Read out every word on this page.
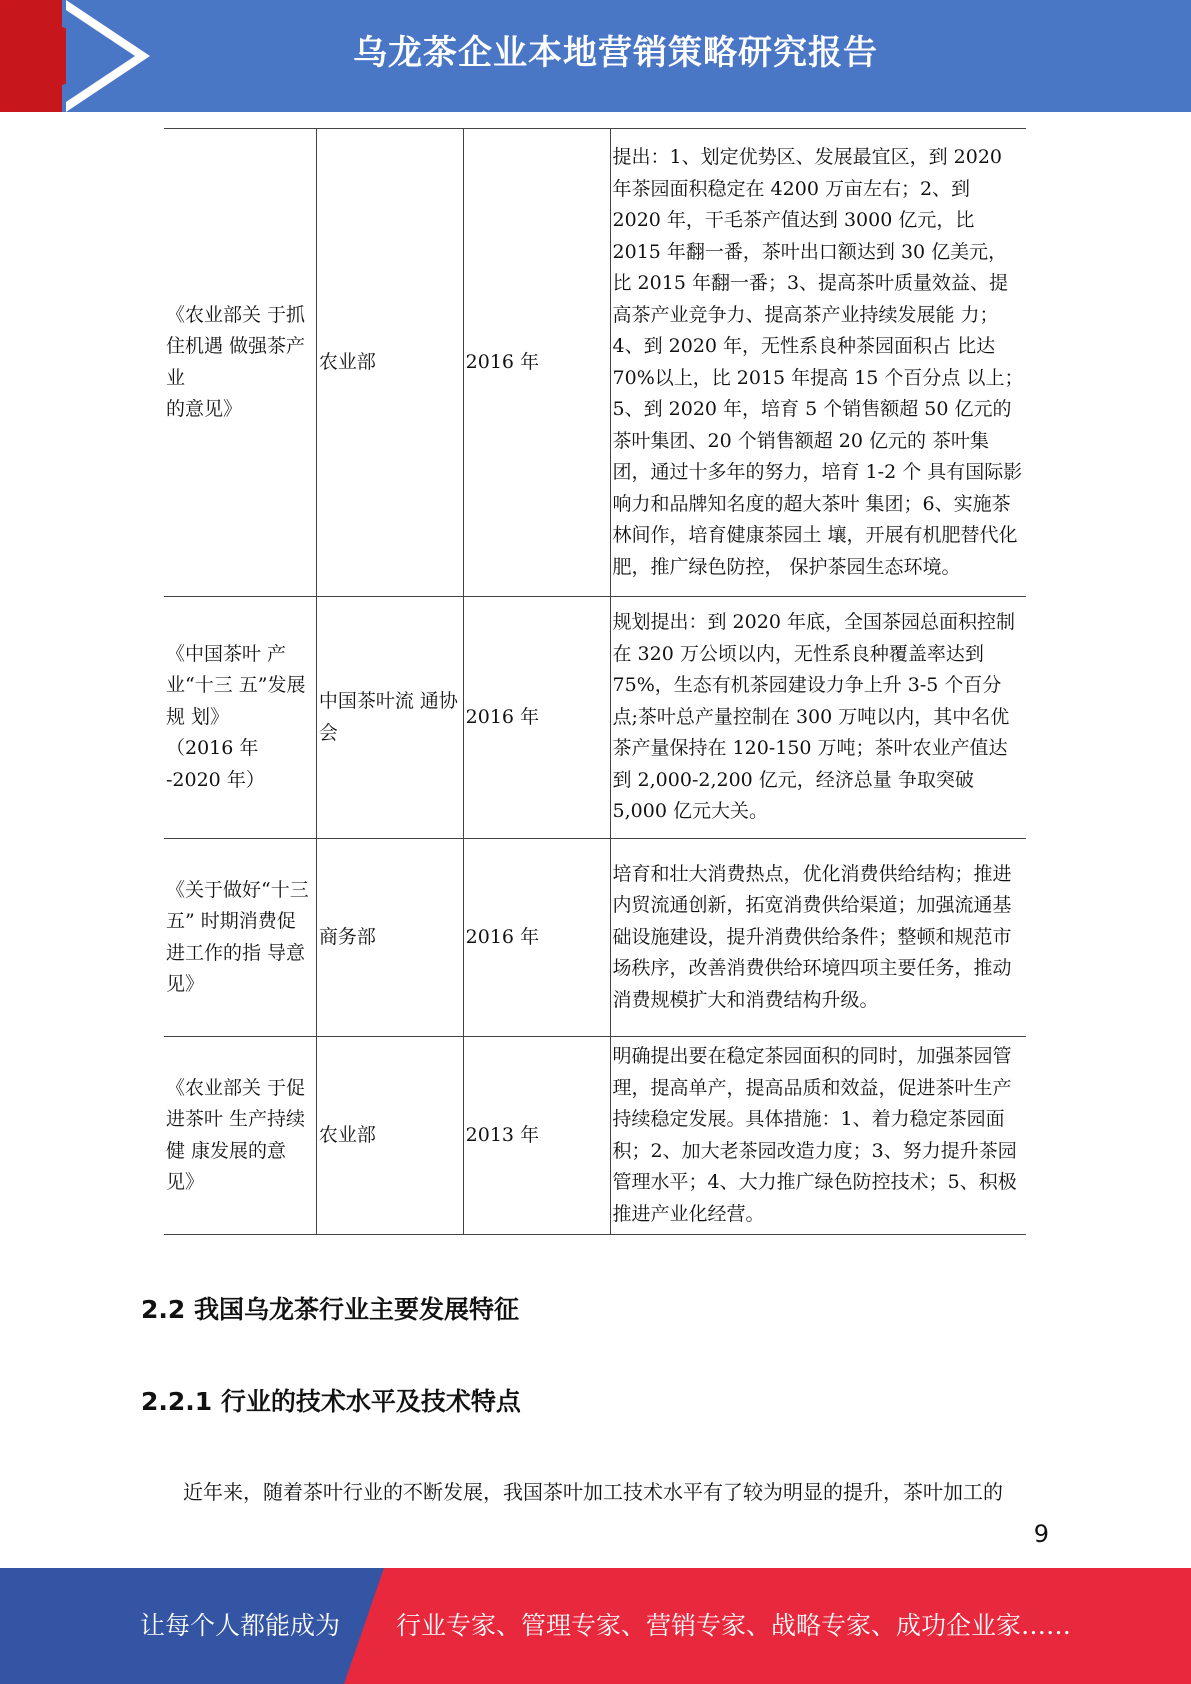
乌龙茶企业本地营销策略研究报告
《农业部关 于抓住机遇 做强茶产业
的意见》	农业部	2016 年	提出：1、划定优势区、发展最宜区，到 2020 年茶园面积稳定在 4200 万亩左右；2、到 2020 年，干毛茶产值达到 3000 亿元，比 2015 年翻一番，茶叶出口额达到 30 亿美元，比 2015 年翻一番；3、提高茶叶质量效益、提 高茶产业竞争力、提高茶产业持续发展能 力；4、到 2020 年，无性系良种茶园面积占 比达 70%以上，比 2015 年提高 15 个百分点 以上；5、到 2020 年，培育 5 个销售额超 50 亿元的茶叶集团、20 个销售额超 20 亿元的 茶叶集团，通过十多年的努力，培育 1-2 个 具有国际影响力和品牌知名度的超大茶叶 集团；6、实施茶林间作，培育健康茶园土 壤，开展有机肥替代化肥，推广绿色防控， 保护茶园生态环境。
《中国茶叶 产业“十三 五”发展规 划》
（2016 年
-2020 年）	中国茶叶流 通协会	2016 年	规划提出：到 2020 年底，全国茶园总面积控制在 320 万公顷以内，无性系良种覆盖率达到 75%，生态有机茶园建设力争上升 3-5 个百分点;茶叶总产量控制在 300 万吨以内，其中名优茶产量保持在 120-150 万吨；茶叶农业产值达到 2,000-2,200 亿元，经济总量 争取突破 5,000 亿元大关。
《关于做好“十三五” 时期消费促 进工作的指 导意见》	商务部	2016 年	培育和壮大消费热点，优化消费供给结构；推进内贸流通创新，拓宽消费供给渠道；加强流通基础设施建设，提升消费供给条件；整顿和规范市场秩序，改善消费供给环境四项主要任务，推动消费规模扩大和消费结构升级。
《农业部关 于促进茶叶 生产持续健 康发展的意 见》	农业部	2013 年	明确提出要在稳定茶园面积的同时，加强茶园管理，提高单产，提高品质和效益，促进茶叶生产持续稳定发展。具体措施：1、着力稳定茶园面积；2、加大老茶园改造力度；3、努力提升茶园管理水平；4、大力推广绿色防控技术；5、积极推进产业化经营。
2.2 我国乌龙茶行业主要发展特征
2.2.1 行业的技术水平及技术特点

近年来，随着茶叶行业的不断发展，我国茶叶加工技术水平有了较为明显的提升，茶叶加工的

9
让每个人都能成为 行业专家、管理专家、营销专家、战略专家、成功企业家……
